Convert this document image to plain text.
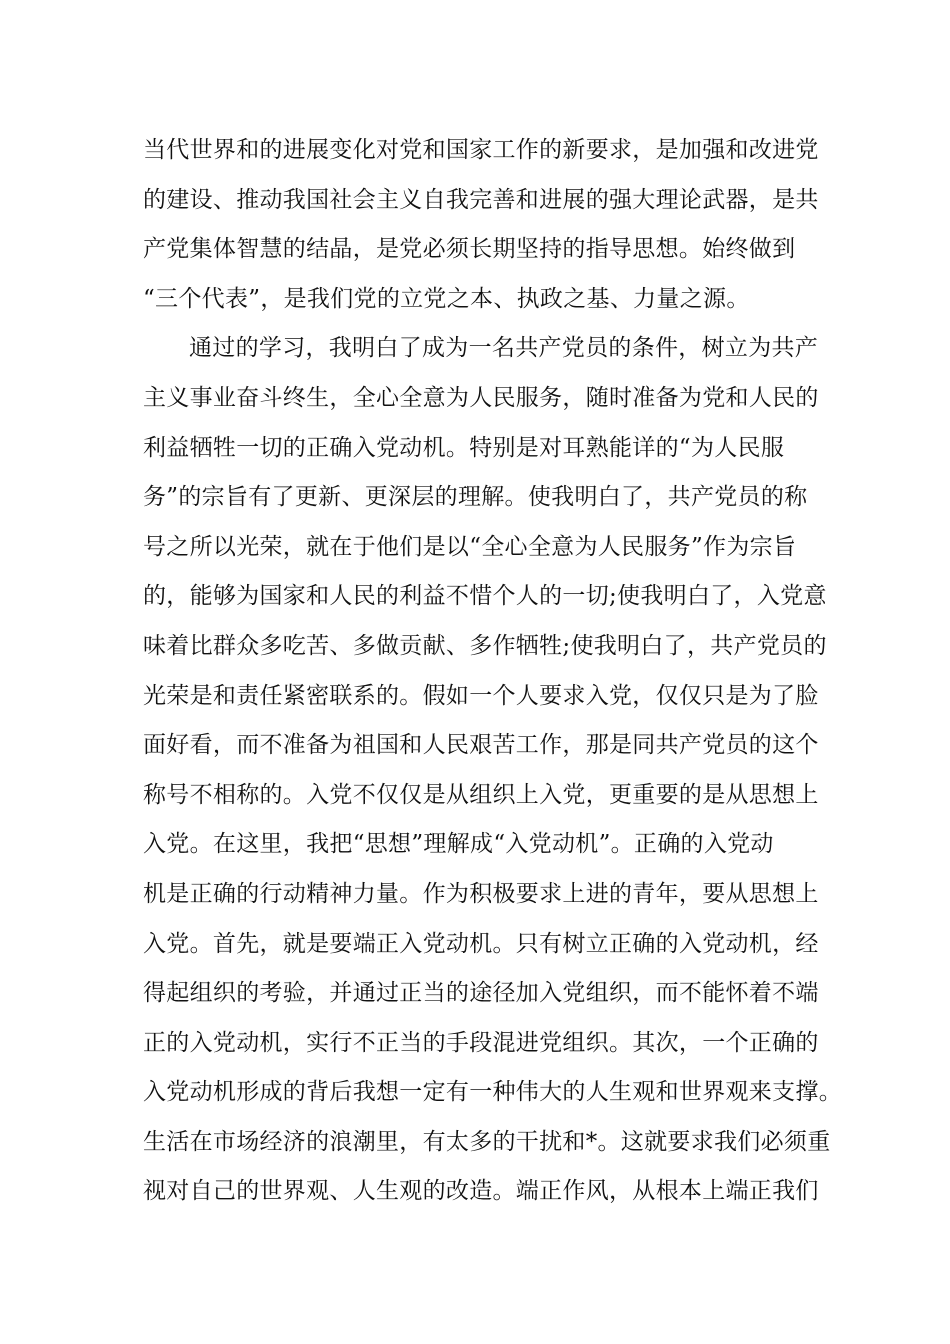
当代世界和的进展变化对党和国家工作的新要求，是加强和改进党
的建设、推动我国社会主义自我完善和进展的强大理论武器，是共
产党集体智慧的结晶，是党必须长期坚持的指导思想。始终做到
“三个代表”，是我们党的立党之本、执政之基、力量之源。
通过的学习，我明白了成为一名共产党员的条件，树立为共产
主义事业奋斗终生，全心全意为人民服务，随时准备为党和人民的
利益牺牲一切的正确入党动机。特别是对耳熟能详的“为人民服
务”的宗旨有了更新、更深层的理解。使我明白了，共产党员的称
号之所以光荣，就在于他们是以“全心全意为人民服务”作为宗旨
的，能够为国家和人民的利益不惜个人的一切;使我明白了，入党意
味着比群众多吃苦、多做贡献、多作牺牲;使我明白了，共产党员的
光荣是和责任紧密联系的。假如一个人要求入党，仅仅只是为了脸
面好看，而不准备为祖国和人民艰苦工作，那是同共产党员的这个
称号不相称的。入党不仅仅是从组织上入党，更重要的是从思想上
入党。在这里，我把“思想”理解成“入党动机”。正确的入党动
机是正确的行动精神力量。作为积极要求上进的青年，要从思想上
入党。首先，就是要端正入党动机。只有树立正确的入党动机，经
得起组织的考验，并通过正当的途径加入党组织，而不能怀着不端
正的入党动机，实行不正当的手段混进党组织。其次，一个正确的
入党动机形成的背后我想一定有一种伟大的人生观和世界观来支撑。
生活在市场经济的浪潮里，有太多的干扰和*。这就要求我们必须重
视对自己的世界观、人生观的改造。端正作风，从根本上端正我们
